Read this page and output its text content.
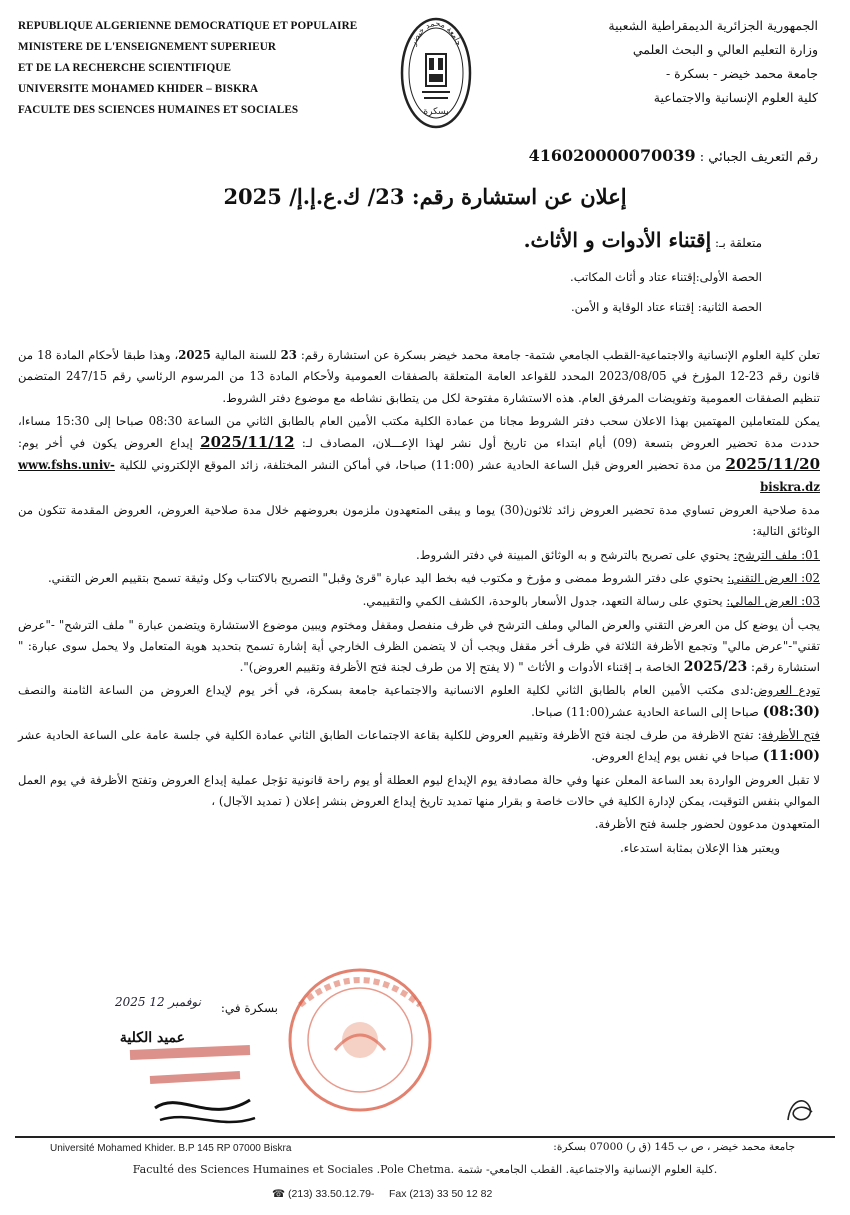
REPUBLIQUE ALGERIENNE DEMOCRATIQUE ET POPULAIRE
MINISTERE DE L'ENSEIGNEMENT SUPERIEUR
ET DE LA RECHERCHE SCIENTIFIQUE
UNIVERSITE MOHAMED KHIDER – BISKRA
FACULTE DES SCIENCES HUMAINES ET SOCIALES
جامعة محمد خيضر
بسكرة
الجمهورية الجزائرية الديمقراطية الشعبية
وزارة التعليم العالي و البحث العلمي
جامعة محمد خيضر - بسكرة -
كلية العلوم الإنسانية والاجتماعية
رقم التعريف الجبائي : 416020000070039
إعلان عن استشارة رقم: 23/ ك.ع.إ.إ/ 2025
متعلقة بـ: إقتناء الأدوات و الأثاث.
الحصة الأولى:إقتناء عتاد و أثاث المكاتب.
الحصة الثانية: إقتناء عتاد الوقاية و الأمن.

تعلن كلية العلوم الإنسانية والاجتماعية-القطب الجامعي شتمة- جامعة محمد خيضر بسكرة عن استشارة رقم: 23 للسنة المالية 2025، وهذا طبقا لأحكام المادة 18 من قانون رقم 23-12 المؤرخ في 2023/08/05 المحدد للقواعد العامة المتعلقة بالصفقات العمومية ولأحكام المادة 13 من المرسوم الرئاسي رقم 247/15 المتضمن تنظيم الصفقات العمومية وتفويضات المرفق العام. هذه الاستشارة مفتوحة لكل من يتطابق نشاطه مع موضوع دفتر الشروط.

يمكن للمتعاملين المهتمين بهذا الاعلان سحب دفتر الشروط مجانا من عمادة الكلية مكتب الأمين العام بالطابق الثاني من الساعة 08:30 صباحا إلى 15:30 مساءا، حددت مدة تحضير العروض بتسعة (09) أيام ابتداء من تاريخ أول نشر لهذا الإعـــلان، المصادف لـ: 2025/11/12 إيداع العروض يكون في أخر يوم: 2025/11/20 من مدة تحضير العروض قبل الساعة الحادية عشر (11:00) صباحا، في أماكن النشر المختلفة، زائد الموقع الإلكتروني للكلية www.fshs.univ-biskra.dz

مدة صلاحية العروض تساوي مدة تحضير العروض زائد ثلاثون(30) يوما و يبقى المتعهدون ملزمون بعروضهم خلال مدة صلاحية العروض، العروض المقدمة تتكون من الوثائق التالية:

01: ملف الترشح: يحتوي على تصريح بالترشح و به الوثائق المبينة في دفتر الشروط.

02: العرض التقني: يحتوي على دفتر الشروط ممضى و مؤرخ و مكتوب فيه بخط اليد عبارة "قرئ وقبل" التصريح بالاكتتاب وكل وثيقة تسمح بتقييم العرض التقني.

03: العرض المالي: يحتوي على رسالة التعهد، جدول الأسعار بالوحدة، الكشف الكمي والتقييمي.

يجب أن يوضع كل من العرض التقني والعرض المالي وملف الترشح في ظرف منفصل ومقفل ومختوم ويبين موضوع الاستشارة ويتضمن عبارة " ملف الترشح" -"عرض تقني"-"عرض مالي" وتجمع الأظرفة الثلاثة في ظرف أخر مقفل ويجب أن لا يتضمن الظرف الخارجي أية إشارة تسمح بتحديد هوية المتعامل ولا يحمل سوى عبارة: " استشارة رقم: 2025/23 الخاصة بـ إقتناء الأدوات و الأثاث " (لا يفتح إلا من طرف لجنة فتح الأظرفة وتقييم العروض)".

تودع العروض:لدى مكتب الأمين العام بالطابق الثاني لكلية العلوم الانسانية والاجتماعية جامعة بسكرة، في أخر يوم لإيداع العروض من الساعة الثامنة والنصف (08:30) صباحا إلى الساعة الحادية عشر(11:00) صباحا.

فتح الأظرفة: تفتح الاظرفة من طرف لجنة فتح الأظرفة وتقييم العروض للكلية بقاعة الاجتماعات الطابق الثاني عمادة الكلية في جلسة عامة على الساعة الحادية عشر (11:00) صباحا في نفس يوم إيداع العروض.

لا تقبل العروض الواردة بعد الساعة المعلن عنها وفي حالة مصادفة يوم الإيداع ليوم العطلة أو يوم راحة قانونية تؤجل عملية إيداع العروض وتفتح الأظرفة في يوم العمل الموالي بنفس التوقيت، يمكن لإدارة الكلية في حالات خاصة و بقرار منها تمديد تاريخ إيداع العروض بنشر إعلان ( تمديد الآجال) ،

المتعهدون مدعوون لحضور جلسة فتح الأظرفة.

ويعتبر هذا الإعلان بمثابة استدعاء.

بسكرة في:
2025 نوفمبر 12
عميد الكلية
Université Mohamed Khider. B.P 145 RP 07000 Biskra	جامعة محمد خيضر ، ص ب 145 (ق ر) 07000 بسكرة:
Faculté des Sciences Humaines et Sociales .Pole Chetma. كلية العلوم الإنسانية والاجتماعية. القطب الجامعي- شتمة.
☎ (213) 33.50.12.79-     Fax (213) 33 50 12 82
